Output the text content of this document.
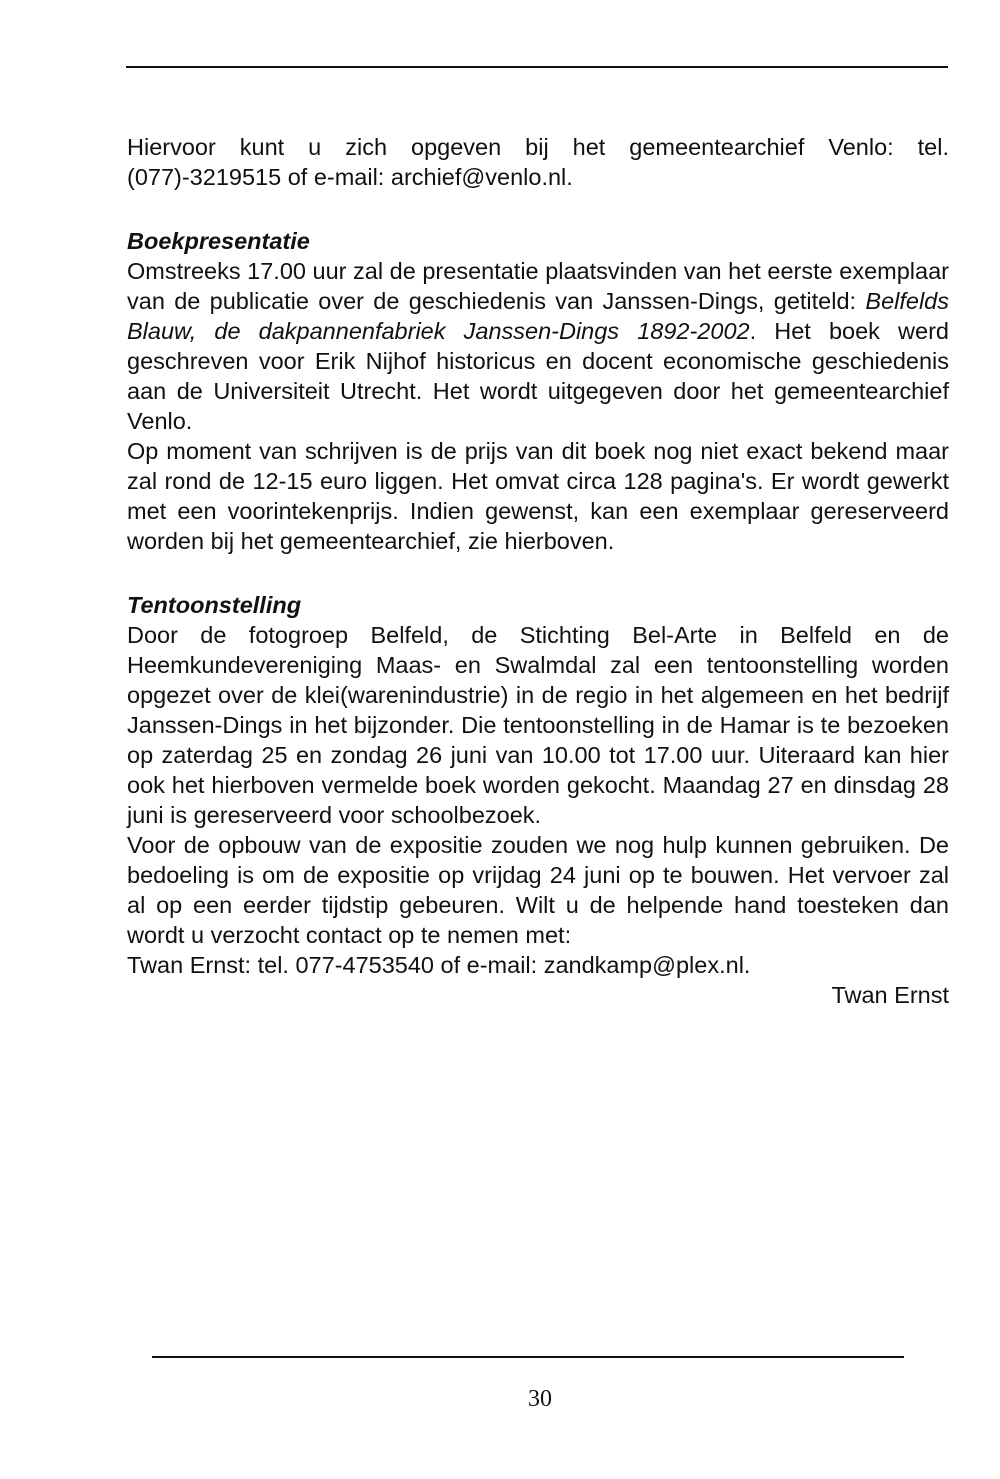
Hiervoor kunt u zich opgeven bij het gemeentearchief Venlo: tel. (077)-3219515 of e-mail: archief@venlo.nl.

Boekpresentatie

Omstreeks 17.00 uur zal de presentatie plaatsvinden van het eerste exemplaar van de publicatie over de geschiedenis van Janssen-Dings, getiteld: Belfelds Blauw, de dakpannenfabriek Janssen-Dings 1892-2002. Het boek werd geschreven voor Erik Nijhof historicus en docent economische geschiedenis aan de Universiteit Utrecht. Het wordt uitgegeven door het gemeentearchief Venlo.

Op moment van schrijven is de prijs van dit boek nog niet exact bekend maar zal rond de 12-15 euro liggen. Het omvat circa 128 pagina's. Er wordt gewerkt met een voorintekenprijs. Indien gewenst, kan een exemplaar gereserveerd worden bij het gemeentearchief, zie hierboven.

Tentoonstelling

Door de fotogroep Belfeld, de Stichting Bel-Arte in Belfeld en de Heemkundevereniging Maas- en Swalmdal zal een tentoonstelling worden opgezet over de klei(warenindustrie) in de regio in het algemeen en het bedrijf Janssen-Dings in het bijzonder. Die tentoonstelling in de Hamar is te bezoeken op zaterdag 25 en zondag 26 juni van 10.00 tot 17.00 uur. Uiteraard kan hier ook het hierboven vermelde boek worden gekocht. Maandag 27 en dinsdag 28 juni is gereserveerd voor schoolbezoek.

Voor de opbouw van de expositie zouden we nog hulp kunnen gebruiken. De bedoeling is om de expositie op vrijdag 24 juni op te bouwen. Het vervoer zal al op een eerder tijdstip gebeuren. Wilt u de helpende hand toesteken dan wordt u verzocht contact op te nemen met:

Twan Ernst: tel. 077-4753540 of e-mail: zandkamp@plex.nl.

Twan Ernst

30
